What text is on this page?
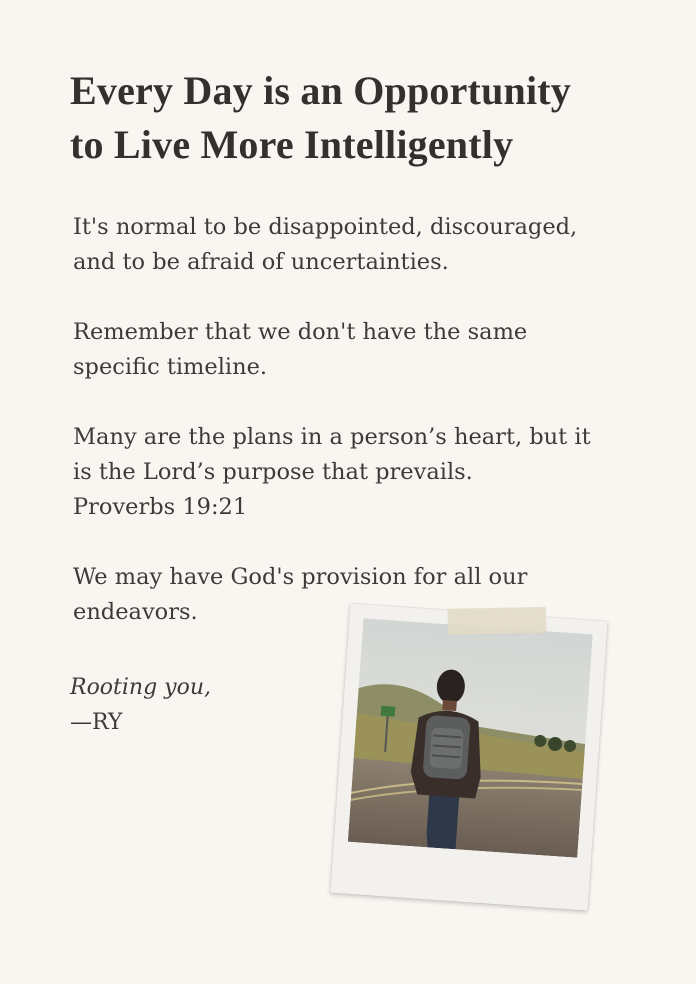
Every Day is an Opportunity
to Live More Intelligently

It's normal to be disappointed, discouraged,
and to be afraid of uncertainties.

Remember that we don't have the same
specific timeline.

Many are the plans in a person’s heart, but it
is the Lord’s purpose that prevails.
Proverbs 19:21

We may have God's provision for all our
endeavors.

Rooting you,
—RY
